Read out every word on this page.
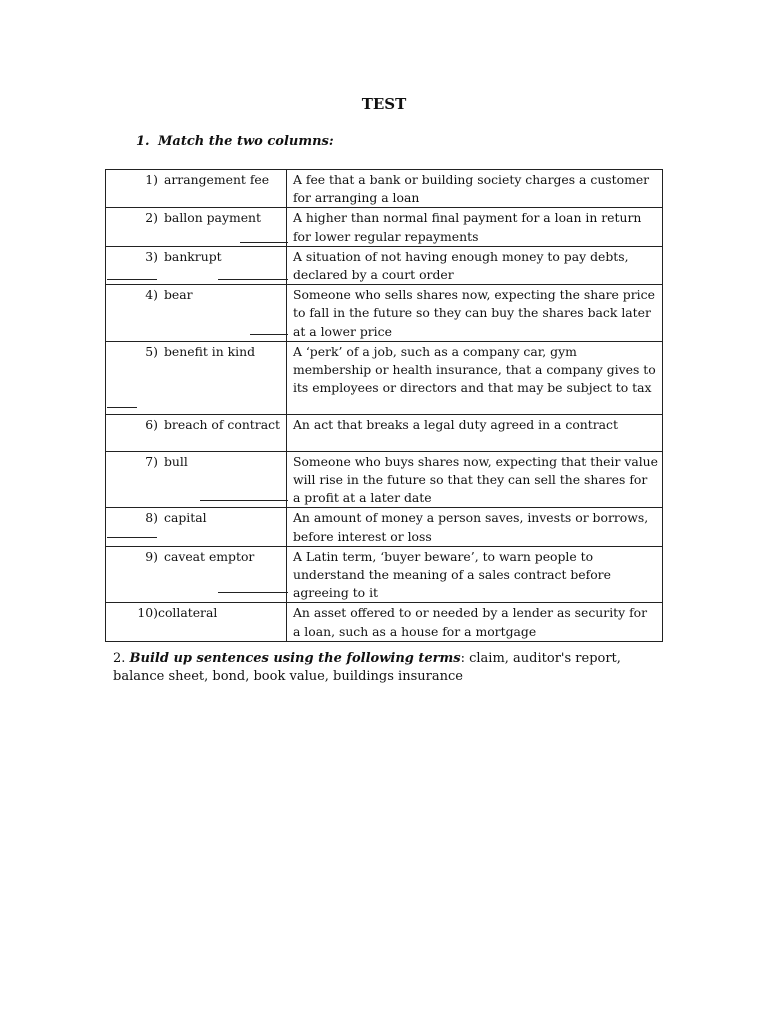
TEST
1. Match the two columns:
1) arrangement fee	A fee that a bank or building society charges a customer for arranging a loan
2) ballon payment	A higher than normal final payment for a loan in return for lower regular repayments
3) bankrupt	A situation of not having enough money to pay debts, declared by a court order
4) bear	Someone who sells shares now, expecting the share price to fall in the future so they can buy the shares back later at a lower price
5) benefit in kind	A ‘perk’ of a job, such as a company car, gym membership or health insurance, that a company gives to its employees or directors and that may be subject to tax
6) breach of contract	An act that breaks a legal duty agreed in a contract
7) bull	Someone who buys shares now, expecting that their value will rise in the future so that they can sell the shares for a profit at a later date
8) capital	An amount of money a person saves, invests or borrows, before interest or loss
9) caveat emptor	A Latin term, ‘buyer beware’, to warn people to understand the meaning of a sales contract before agreeing to it
10)collateral	An asset offered to or needed by a lender as security for a loan, such as a house for a mortgage
2. Build up sentences using the following terms: claim, auditor's report, balance sheet, bond, book value, buildings insurance
